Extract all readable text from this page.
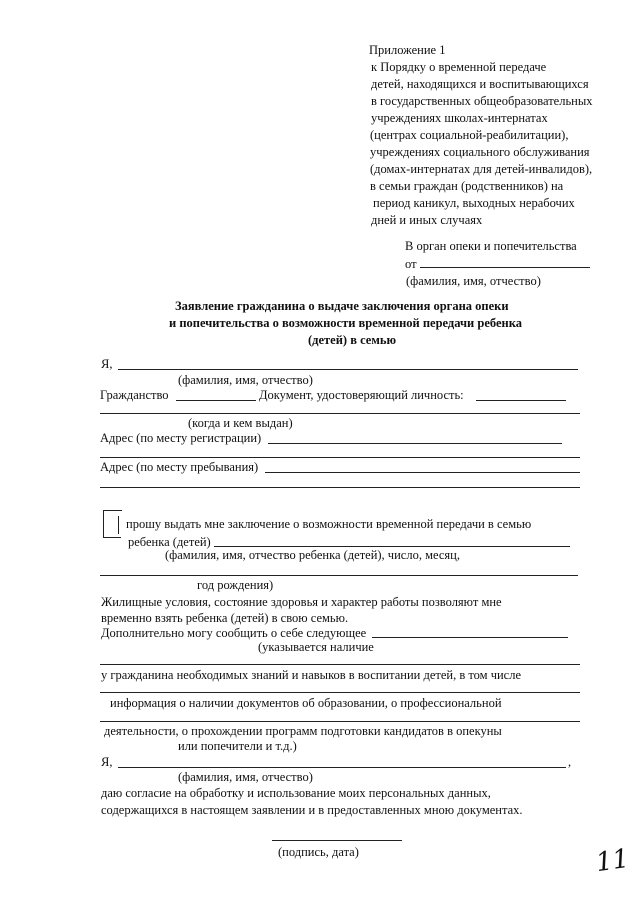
Приложение 1
к Порядку о временной передаче
детей, находящихся и воспитывающихся
в государственных общеобразовательных
учреждениях школах-интернатах
(центрах социальной-реабилитации),
учреждениях социального обслуживания
(домах-интернатах для детей-инвалидов),
в семьи граждан (родственников) на
период каникул, выходных нерабочих
дней и иных случаях
В орган опеки и попечительства
от
(фамилия, имя, отчество)
Заявление гражданина о выдаче заключения органа опеки
и попечительства о возможности временной передачи ребенка
(детей) в семью
Я,
(фамилия, имя, отчество)
Гражданство	Документ, удостоверяющий личность:
(когда и кем выдан)
Адрес (по месту регистрации)
Адрес (по месту пребывания)
прошу выдать мне заключение о возможности временной передачи в семью
ребенка (детей)
(фамилия, имя, отчество ребенка (детей), число, месяц,
год рождения)
Жилищные условия, состояние здоровья и характер работы позволяют мне
временно взять ребенка (детей) в свою семью.
Дополнительно могу сообщить о себе следующее
(указывается наличие
у гражданина необходимых знаний и навыков в воспитании детей, в том числе
информация о наличии документов об образовании, о профессиональной
деятельности, о прохождении программ подготовки кандидатов в опекуны
или попечители и т.д.)
Я,	,
(фамилия, имя, отчество)
даю согласие на обработку и использование моих персональных данных,
содержащихся в настоящем заявлении и в предоставленных мною документах.
(подпись, дата)	11
